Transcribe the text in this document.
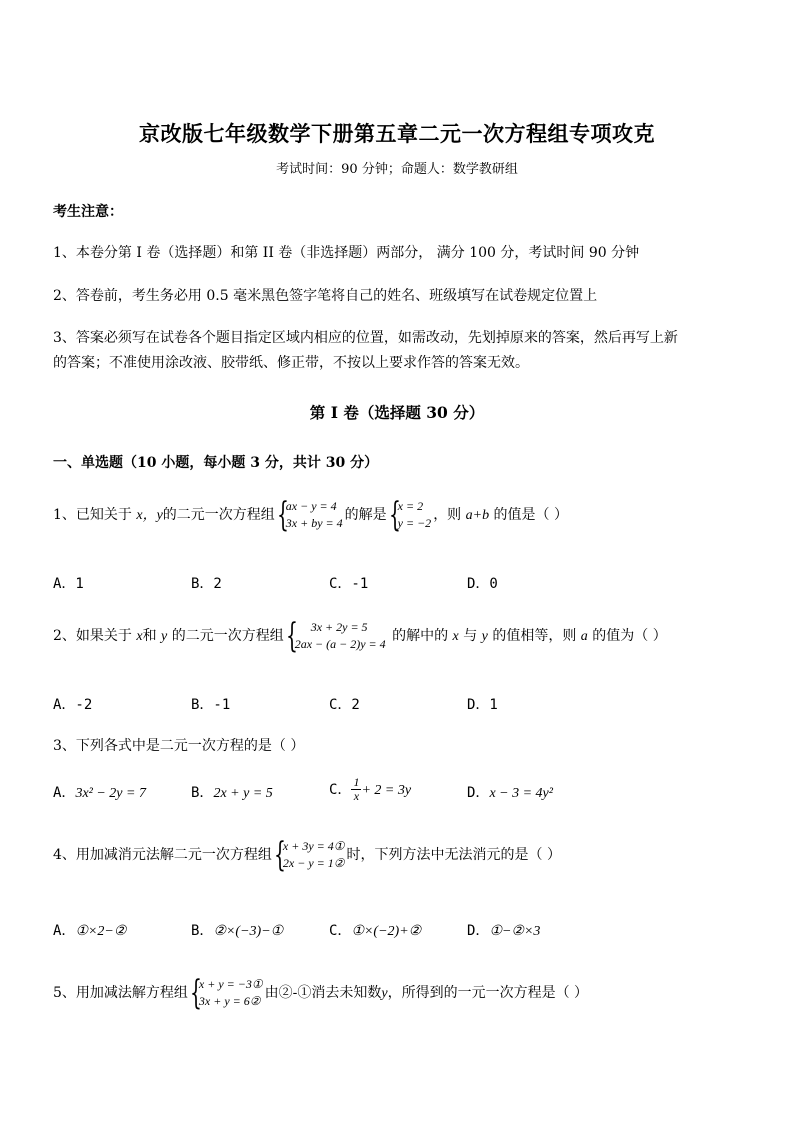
京改版七年级数学下册第五章二元一次方程组专项攻克
考试时间：90 分钟；命题人：数学教研组
考生注意：
1、本卷分第 I 卷（选择题）和第 II 卷（非选择题）两部分， 满分 100 分，考试时间 90 分钟
2、答卷前，考生务必用 0.5 毫米黑色签字笔将自己的姓名、班级填写在试卷规定位置上
3、答案必须写在试卷各个题目指定区域内相应的位置，如需改动，先划掉原来的答案，然后再写上新
的答案；不准使用涂改液、胶带纸、修正带，不按以上要求作答的答案无效。
第 I 卷（选择题 30 分）
一、单选题（10 小题，每小题 3 分，共计 30 分）
1、已知关于 x，y的二元一次方程组 {
ax − y = 4
3x + by = 4 的解是 {
x = 2
y = −2 ，则 a+b 的值是（ ）
A．1	B．2	C．-1	D．0
2、如果关于 x和 y 的二元一次方程组 {	3x + 2y = 5
2ax − (a − 2)y = 4 的解中的 x 与 y 的值相等，则 a 的值为（ ）
A．-2	B．-1	C．2	D．1
3、下列各式中是二元一次方程的是（ ）
A．3x² − 2y = 7	B．2x + y = 5	C． $\frac{1}{x} + 2 = 3y$	D．x − 3 = 4y²
4、用加减消元法解二元一次方程组 {
x + 3y = 4①
2x − y = 1② 时，下列方法中无法消元的是（ ）
A．①×2−②	B．②×(−3)−①	C．①×(−2)+②	D．①−②×3
5、用加减法解方程组 {
x + y = −3①
3x + y = 6② 由②-①消去未知数y，所得到的一元一次方程是（ ）
